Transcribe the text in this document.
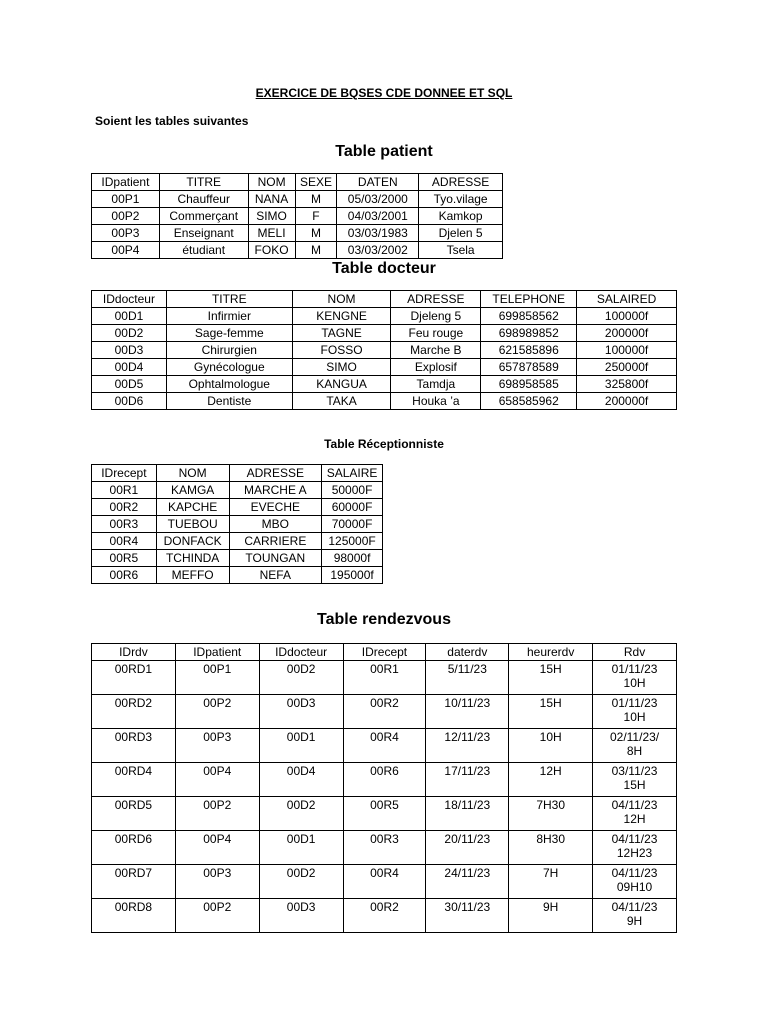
EXERCICE DE BQSES CDE DONNEE ET SQL
Soient les tables suivantes
Table patient
IDpatient	TITRE	NOM	SEXE	DATEN	ADRESSE
00P1	Chauffeur	NANA	M	05/03/2000	Tyo.vilage
00P2	Commerçant	SIMO	F	04/03/2001	Kamkop
00P3	Enseignant	MELI	M	03/03/1983	Djelen 5
00P4	étudiant	FOKO	M	03/03/2002	Tsela
Table docteur
IDdocteur	TITRE	NOM	ADRESSE	TELEPHONE	SALAIRED
00D1	Infirmier	KENGNE	Djeleng 5	699858562	100000f
00D2	Sage-femme	TAGNE	Feu rouge	698989852	200000f
00D3	Chirurgien	FOSSO	Marche B	621585896	100000f
00D4	Gynécologue	SIMO	Explosif	657878589	250000f
00D5	Ophtalmologue	KANGUA	Tamdja	698958585	325800f
00D6	Dentiste	TAKA	Houka ’a	658585962	200000f
Table Réceptionniste
IDrecept	NOM	ADRESSE	SALAIRE
00R1	KAMGA	MARCHE A	50000F
00R2	KAPCHE	EVECHE	60000F
00R3	TUEBOU	MBO	70000F
00R4	DONFACK	CARRIERE	125000F
00R5	TCHINDA	TOUNGAN	98000f
00R6	MEFFO	NEFA	195000f
Table rendezvous
IDrdv	IDpatient	IDdocteur	IDrecept	daterdv	heurerdv	Rdv
00RD1	00P1	00D2	00R1	5/11/23	15H	01/11/23
10H

00RD2	00P2	00D3	00R2	10/11/23	15H	01/11/23
10H

00RD3	00P3	00D1	00R4	12/11/23	10H	02/11/23/
8H

00RD4	00P4	00D4	00R6	17/11/23	12H	03/11/23
15H

00RD5	00P2	00D2	00R5	18/11/23	7H30	04/11/23
12H

00RD6	00P4	00D1	00R3	20/11/23	8H30	04/11/23
12H23

00RD7	00P3	00D2	00R4	24/11/23	7H	04/11/23
09H10

00RD8	00P2	00D3	00R2	30/11/23	9H	04/11/23
9H
